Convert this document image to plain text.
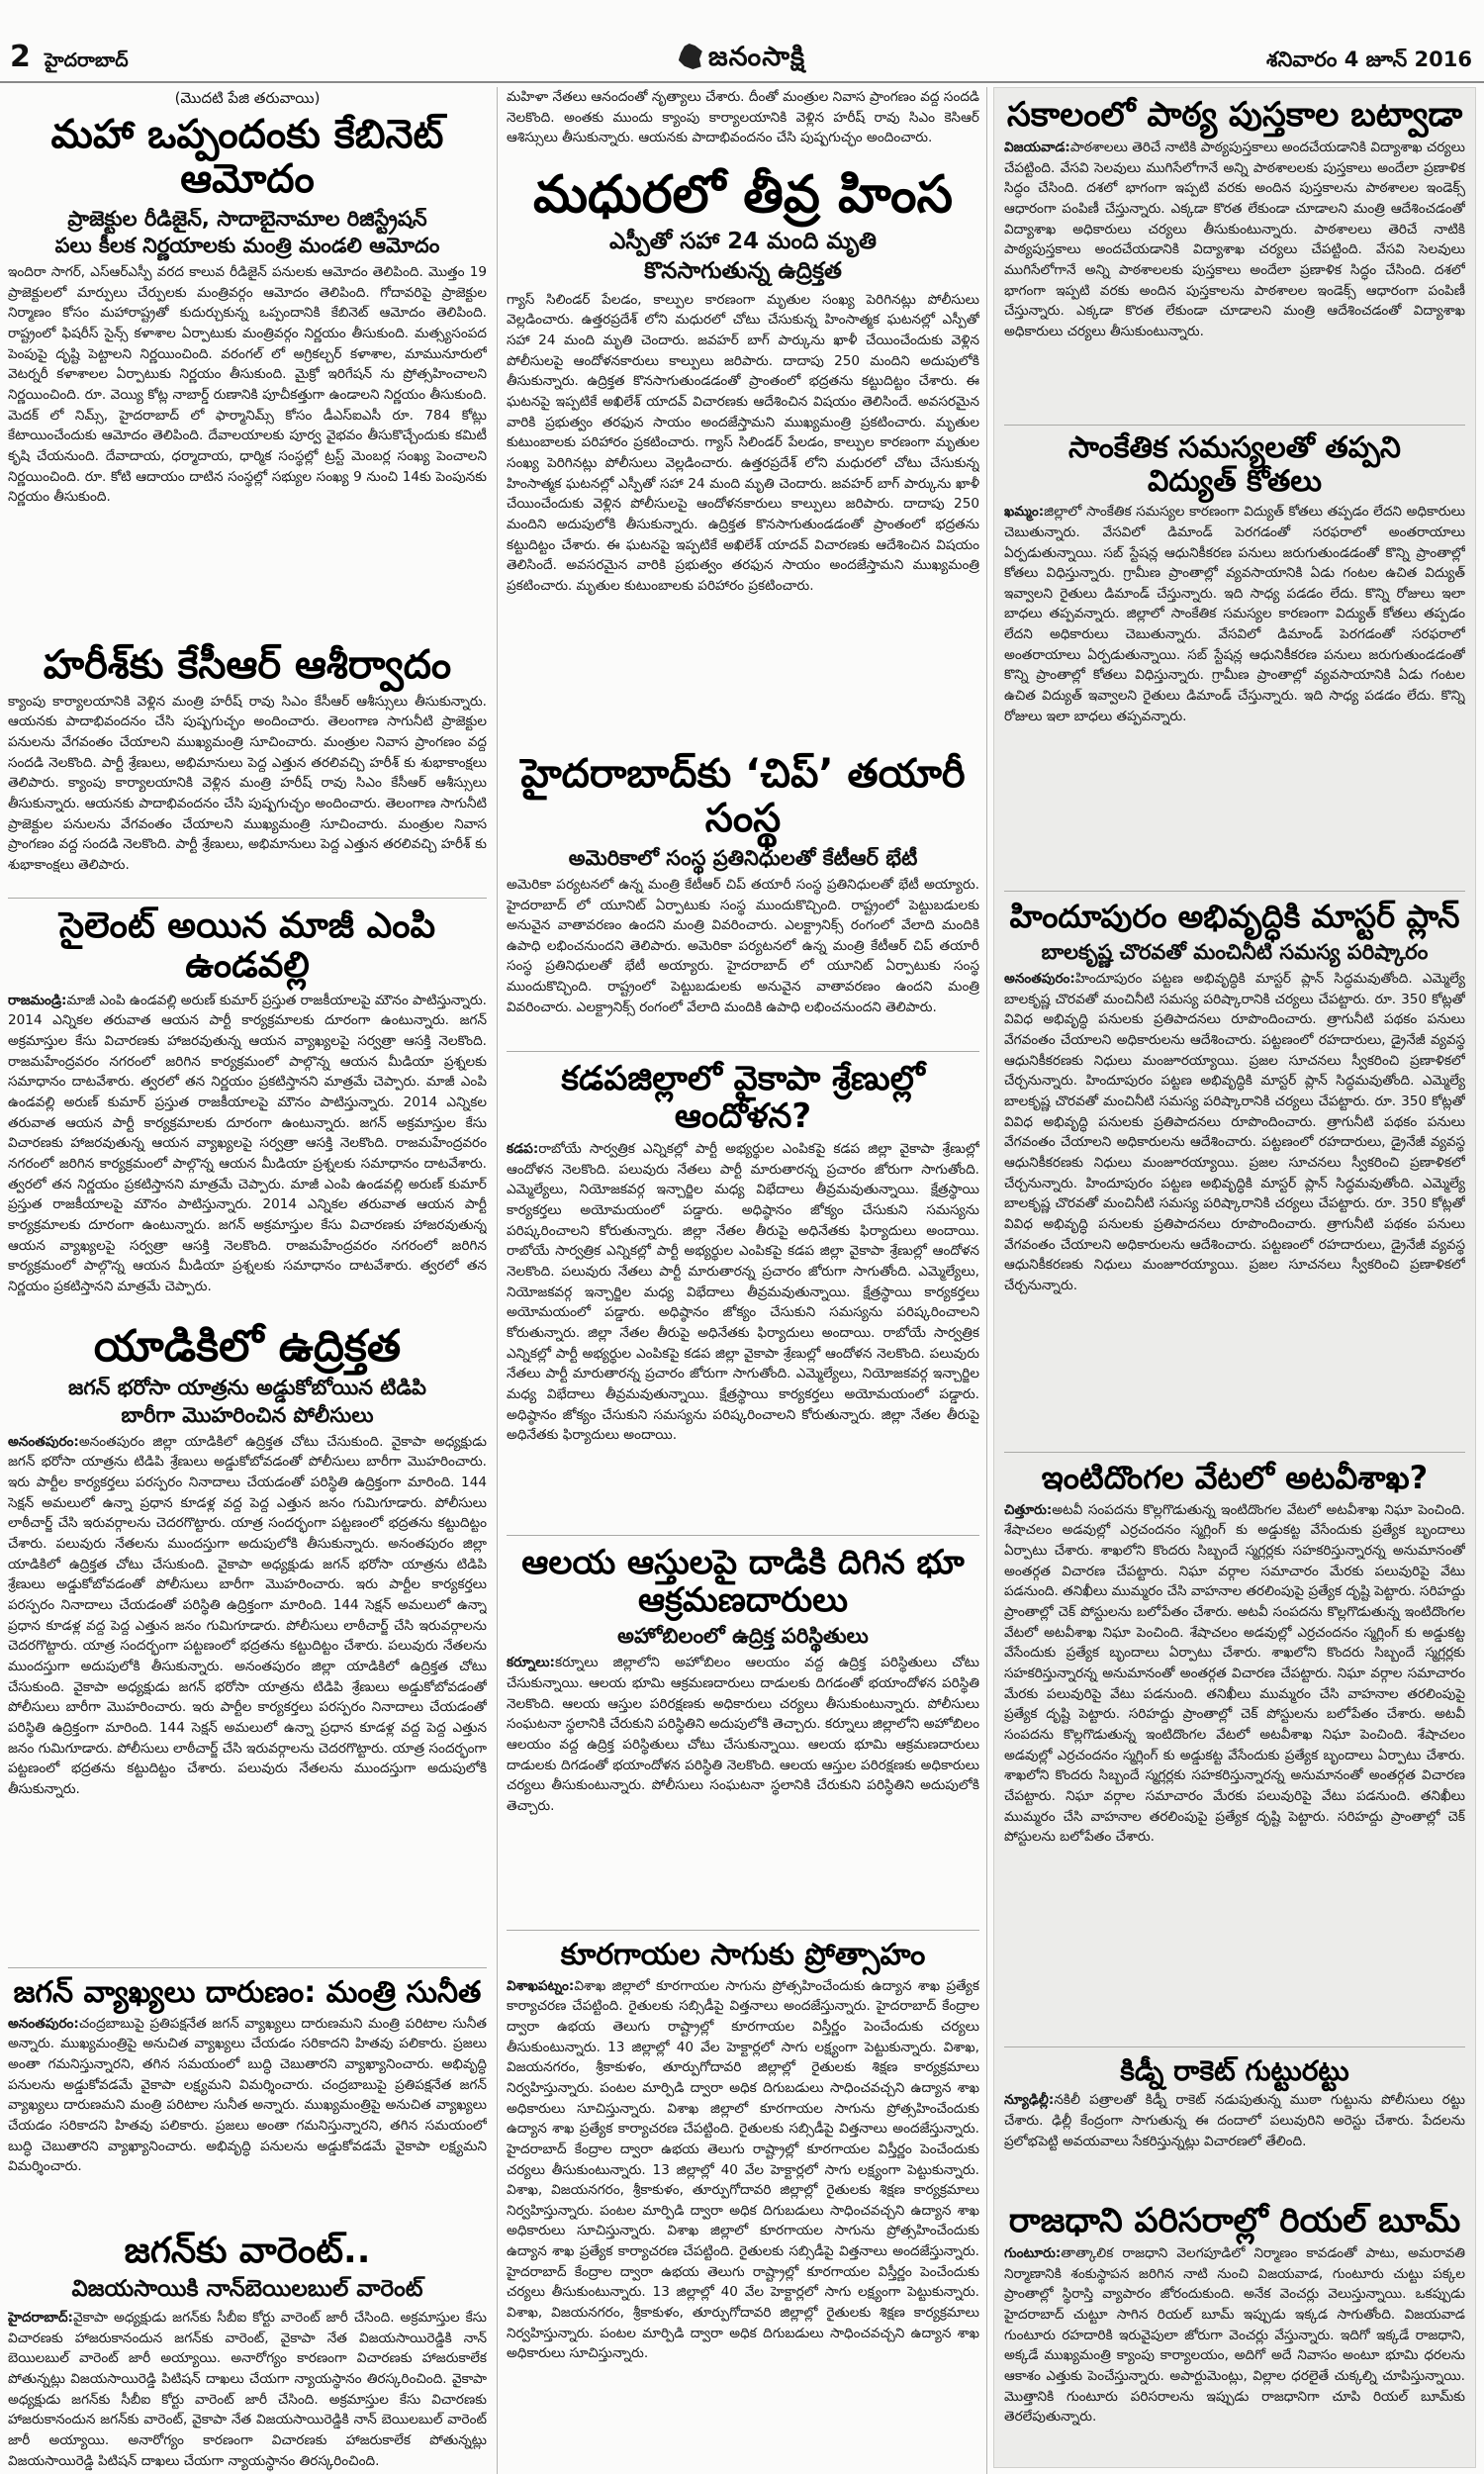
2 హైదరాబాద్	జనంసాక్షి	శనివారం 4 జూన్ 2016
(మొదటి పేజి తరువాయి)
మహా ఒప్పందంకు కేబినెట్ ఆమోదం
ప్రాజెక్టుల రీడిజైన్, సాదాబైనామాల రిజిస్ట్రేషన్
పలు కీలక నిర్ణయాలకు మంత్రి మండలి ఆమోదం

ఇందిరా సాగర్, ఎస్ఆర్ఎస్పీ వరద కాలువ రీడిజైన్ పనులకు ఆమోదం తెలిపింది. మొత్తం 19 ప్రాజెక్టులలో మార్పులు చేర్పులకు మంత్రివర్గం ఆమోదం తెలిపింది. గోదావరిపై ప్రాజెక్టుల నిర్మాణం కోసం మహారాష్ట్రతో కుదుర్చుకున్న ఒప్పందానికి కేబినెట్ ఆమోదం తెలిపింది. రాష్ట్రంలో ఫిషరీస్ సైన్స్ కళాశాల ఏర్పాటుకు మంత్రివర్గం నిర్ణయం తీసుకుంది. మత్స్యసంపద పెంపుపై దృష్టి పెట్టాలని నిర్ణయించింది. వరంగల్ లో అగ్రికల్చర్ కళాశాల, మామునూరులో వెటర్నరీ కళాశాలల ఏర్పాటుకు నిర్ణయం తీసుకుంది. మైక్రో ఇరిగేషన్ ను ప్రోత్సహించాలని నిర్ణయించింది. రూ. వెయ్యి కోట్ల నాబార్డ్ రుణానికి పూచీకత్తుగా ఉండాలని నిర్ణయం తీసుకుంది. మెదక్ లో నిమ్స్, హైదరాబాద్ లో ఫార్మానిమ్స్ కోసం డీఎస్ఐఎసీ రూ. 784 కోట్లు కేటాయించేందుకు ఆమోదం తెలిపింది. దేవాలయాలకు పూర్వ వైభవం తీసుకొచ్చేందుకు కమిటీ కృషి చేయనుంది. దేవాదాయ, ధర్మాదాయ, ధార్మిక సంస్థల్లో ట్రస్ట్ మెంబర్ల సంఖ్య పెంచాలని నిర్ణయించింది. రూ. కోటి ఆదాయం దాటిన సంస్థల్లో సభ్యుల సంఖ్య 9 నుంచి 14కు పెంపునకు నిర్ణయం తీసుకుంది.

హరీశ్‌కు కేసీఆర్ ఆశీర్వాదం

క్యాంపు కార్యాలయానికి వెళ్లిన మంత్రి హరీష్ రావు సిఎం కేసీఆర్ ఆశీస్సులు తీసుకున్నారు. ఆయనకు పాదాభివందనం చేసి పుష్పగుచ్ఛం అందించారు. తెలంగాణ సాగునీటి ప్రాజెక్టుల పనులను వేగవంతం చేయాలని ముఖ్యమంత్రి సూచించారు. మంత్రుల నివాస ప్రాంగణం వద్ద సందడి నెలకొంది. పార్టీ శ్రేణులు, అభిమానులు పెద్ద ఎత్తున తరలివచ్చి హరీశ్ కు శుభాకాంక్షలు తెలిపారు. క్యాంపు కార్యాలయానికి వెళ్లిన మంత్రి హరీష్ రావు సిఎం కేసీఆర్ ఆశీస్సులు తీసుకున్నారు. ఆయనకు పాదాభివందనం చేసి పుష్పగుచ్ఛం అందించారు. తెలంగాణ సాగునీటి ప్రాజెక్టుల పనులను వేగవంతం చేయాలని ముఖ్యమంత్రి సూచించారు. మంత్రుల నివాస ప్రాంగణం వద్ద సందడి నెలకొంది. పార్టీ శ్రేణులు, అభిమానులు పెద్ద ఎత్తున తరలివచ్చి హరీశ్ కు శుభాకాంక్షలు తెలిపారు.

సైలెంట్ అయిన మాజీ ఎంపి ఉండవల్లి

రాజమండ్రి:మాజీ ఎంపి ఉండవల్లి అరుణ్ కుమార్ ప్రస్తుత రాజకీయాలపై మౌనం పాటిస్తున్నారు. 2014 ఎన్నికల తరువాత ఆయన పార్టీ కార్యక్రమాలకు దూరంగా ఉంటున్నారు. జగన్ అక్రమాస్తుల కేసు విచారణకు హాజరవుతున్న ఆయన వ్యాఖ్యలపై సర్వత్రా ఆసక్తి నెలకొంది. రాజమహేంద్రవరం నగరంలో జరిగిన కార్యక్రమంలో పాల్గొన్న ఆయన మీడియా ప్రశ్నలకు సమాధానం దాటవేశారు. త్వరలో తన నిర్ణయం ప్రకటిస్తానని మాత్రమే చెప్పారు. మాజీ ఎంపి ఉండవల్లి అరుణ్ కుమార్ ప్రస్తుత రాజకీయాలపై మౌనం పాటిస్తున్నారు. 2014 ఎన్నికల తరువాత ఆయన పార్టీ కార్యక్రమాలకు దూరంగా ఉంటున్నారు. జగన్ అక్రమాస్తుల కేసు విచారణకు హాజరవుతున్న ఆయన వ్యాఖ్యలపై సర్వత్రా ఆసక్తి నెలకొంది. రాజమహేంద్రవరం నగరంలో జరిగిన కార్యక్రమంలో పాల్గొన్న ఆయన మీడియా ప్రశ్నలకు సమాధానం దాటవేశారు. త్వరలో తన నిర్ణయం ప్రకటిస్తానని మాత్రమే చెప్పారు. మాజీ ఎంపి ఉండవల్లి అరుణ్ కుమార్ ప్రస్తుత రాజకీయాలపై మౌనం పాటిస్తున్నారు. 2014 ఎన్నికల తరువాత ఆయన పార్టీ కార్యక్రమాలకు దూరంగా ఉంటున్నారు. జగన్ అక్రమాస్తుల కేసు విచారణకు హాజరవుతున్న ఆయన వ్యాఖ్యలపై సర్వత్రా ఆసక్తి నెలకొంది. రాజమహేంద్రవరం నగరంలో జరిగిన కార్యక్రమంలో పాల్గొన్న ఆయన మీడియా ప్రశ్నలకు సమాధానం దాటవేశారు. త్వరలో తన నిర్ణయం ప్రకటిస్తానని మాత్రమే చెప్పారు.

యాడికిలో ఉద్రిక్తత
జగన్ భరోసా యాత్రను అడ్డుకోబోయిన టిడిపి
బారీగా మొహరించిన పోలీసులు

అనంతపురం:అనంతపురం జిల్లా యాడికిలో ఉద్రిక్తత చోటు చేసుకుంది. వైకాపా అధ్యక్షుడు జగన్ భరోసా యాత్రను టిడిపి శ్రేణులు అడ్డుకోబోవడంతో పోలీసులు బారీగా మొహరించారు. ఇరు పార్టీల కార్యకర్తలు పరస్పరం నినాదాలు చేయడంతో పరిస్థితి ఉద్రిక్తంగా మారింది. 144 సెక్షన్ అమలులో ఉన్నా ప్రధాన కూడళ్ల వద్ద పెద్ద ఎత్తున జనం గుమిగూడారు. పోలీసులు లాఠీచార్జ్ చేసి ఇరువర్గాలను చెదరగొట్టారు. యాత్ర సందర్భంగా పట్టణంలో భద్రతను కట్టుదిట్టం చేశారు. పలువురు నేతలను ముందస్తుగా అదుపులోకి తీసుకున్నారు. అనంతపురం జిల్లా యాడికిలో ఉద్రిక్తత చోటు చేసుకుంది. వైకాపా అధ్యక్షుడు జగన్ భరోసా యాత్రను టిడిపి శ్రేణులు అడ్డుకోబోవడంతో పోలీసులు బారీగా మొహరించారు. ఇరు పార్టీల కార్యకర్తలు పరస్పరం నినాదాలు చేయడంతో పరిస్థితి ఉద్రిక్తంగా మారింది. 144 సెక్షన్ అమలులో ఉన్నా ప్రధాన కూడళ్ల వద్ద పెద్ద ఎత్తున జనం గుమిగూడారు. పోలీసులు లాఠీచార్జ్ చేసి ఇరువర్గాలను చెదరగొట్టారు. యాత్ర సందర్భంగా పట్టణంలో భద్రతను కట్టుదిట్టం చేశారు. పలువురు నేతలను ముందస్తుగా అదుపులోకి తీసుకున్నారు. అనంతపురం జిల్లా యాడికిలో ఉద్రిక్తత చోటు చేసుకుంది. వైకాపా అధ్యక్షుడు జగన్ భరోసా యాత్రను టిడిపి శ్రేణులు అడ్డుకోబోవడంతో పోలీసులు బారీగా మొహరించారు. ఇరు పార్టీల కార్యకర్తలు పరస్పరం నినాదాలు చేయడంతో పరిస్థితి ఉద్రిక్తంగా మారింది. 144 సెక్షన్ అమలులో ఉన్నా ప్రధాన కూడళ్ల వద్ద పెద్ద ఎత్తున జనం గుమిగూడారు. పోలీసులు లాఠీచార్జ్ చేసి ఇరువర్గాలను చెదరగొట్టారు. యాత్ర సందర్భంగా పట్టణంలో భద్రతను కట్టుదిట్టం చేశారు. పలువురు నేతలను ముందస్తుగా అదుపులోకి తీసుకున్నారు.

జగన్ వ్యాఖ్యలు దారుణం: మంత్రి సునీత

అనంతపురం:చంద్రబాబుపై ప్రతిపక్షనేత జగన్ వ్యాఖ్యలు దారుణమని మంత్రి పరిటాల సునీత అన్నారు. ముఖ్యమంత్రిపై అనుచిత వ్యాఖ్యలు చేయడం సరికాదని హితవు పలికారు. ప్రజలు అంతా గమనిస్తున్నారని, తగిన సమయంలో బుద్ధి చెబుతారని వ్యాఖ్యానించారు. అభివృద్ధి పనులను అడ్డుకోవడమే వైకాపా లక్ష్యమని విమర్శించారు. చంద్రబాబుపై ప్రతిపక్షనేత జగన్ వ్యాఖ్యలు దారుణమని మంత్రి పరిటాల సునీత అన్నారు. ముఖ్యమంత్రిపై అనుచిత వ్యాఖ్యలు చేయడం సరికాదని హితవు పలికారు. ప్రజలు అంతా గమనిస్తున్నారని, తగిన సమయంలో బుద్ధి చెబుతారని వ్యాఖ్యానించారు. అభివృద్ధి పనులను అడ్డుకోవడమే వైకాపా లక్ష్యమని విమర్శించారు.

జగన్‌కు వారెంట్..
విజయసాయికి నాన్‌బెయిలబుల్ వారెంట్

హైదరాబాద్:వైకాపా అధ్యక్షుడు జగన్‌కు సీబీఐ కోర్టు వారెంట్ జారీ చేసింది. అక్రమాస్తుల కేసు విచారణకు హాజరుకానందున జగన్‌కు వారెంట్, వైకాపా నేత విజయసాయిరెడ్డికి నాన్ బెయిలబుల్ వారెంట్ జారీ అయ్యాయి. అనారోగ్యం కారణంగా విచారణకు హాజరుకాలేక పోతున్నట్లు విజయసాయిరెడ్డి పిటిషన్ దాఖలు చేయగా న్యాయస్థానం తిరస్కరించింది. వైకాపా అధ్యక్షుడు జగన్‌కు సీబీఐ కోర్టు వారెంట్ జారీ చేసింది. అక్రమాస్తుల కేసు విచారణకు హాజరుకానందున జగన్‌కు వారెంట్, వైకాపా నేత విజయసాయిరెడ్డికి నాన్ బెయిలబుల్ వారెంట్ జారీ అయ్యాయి. అనారోగ్యం కారణంగా విచారణకు హాజరుకాలేక పోతున్నట్లు విజయసాయిరెడ్డి పిటిషన్ దాఖలు చేయగా న్యాయస్థానం తిరస్కరించింది.

మహిళా నేతలు ఆనందంతో నృత్యాలు చేశారు. దీంతో మంత్రుల నివాస ప్రాంగణం వద్ద సందడి నెలకొంది. అంతకు ముందు క్యాంపు కార్యాలయానికి వెళ్లిన హరీష్ రావు సిఎం కెసిఆర్ ఆశిస్సులు తీసుకున్నారు. ఆయనకు పాదాభివందనం చేసి పుష్పగుచ్ఛం అందించారు.

మధురలో తీవ్ర హింస
ఎస్పీతో సహా 24 మంది మృతి
కొనసాగుతున్న ఉద్రిక్తత

గ్యాస్ సిలిండర్ పేలడం, కాల్పుల కారణంగా మృతుల సంఖ్య పెరిగినట్లు పోలీసులు వెల్లడించారు. ఉత్తరప్రదేశ్ లోని మధురలో చోటు చేసుకున్న హింసాత్మక ఘటనల్లో ఎస్పీతో సహా 24 మంది మృతి చెందారు. జవహర్ బాగ్ పార్కును ఖాళీ చేయించేందుకు వెళ్లిన పోలీసులపై ఆందోళనకారులు కాల్పులు జరిపారు. దాదాపు 250 మందిని అదుపులోకి తీసుకున్నారు. ఉద్రిక్తత కొనసాగుతుండడంతో ప్రాంతంలో భద్రతను కట్టుదిట్టం చేశారు. ఈ ఘటనపై ఇప్పటికే అఖిలేశ్ యాదవ్ విచారణకు ఆదేశించిన విషయం తెలిసిందే. అవసరమైన వారికి ప్రభుత్వం తరఫున సాయం అందజేస్తామని ముఖ్యమంత్రి ప్రకటించారు. మృతుల కుటుంబాలకు పరిహారం ప్రకటించారు. గ్యాస్ సిలిండర్ పేలడం, కాల్పుల కారణంగా మృతుల సంఖ్య పెరిగినట్లు పోలీసులు వెల్లడించారు. ఉత్తరప్రదేశ్ లోని మధురలో చోటు చేసుకున్న హింసాత్మక ఘటనల్లో ఎస్పీతో సహా 24 మంది మృతి చెందారు. జవహర్ బాగ్ పార్కును ఖాళీ చేయించేందుకు వెళ్లిన పోలీసులపై ఆందోళనకారులు కాల్పులు జరిపారు. దాదాపు 250 మందిని అదుపులోకి తీసుకున్నారు. ఉద్రిక్తత కొనసాగుతుండడంతో ప్రాంతంలో భద్రతను కట్టుదిట్టం చేశారు. ఈ ఘటనపై ఇప్పటికే అఖిలేశ్ యాదవ్ విచారణకు ఆదేశించిన విషయం తెలిసిందే. అవసరమైన వారికి ప్రభుత్వం తరఫున సాయం అందజేస్తామని ముఖ్యమంత్రి ప్రకటించారు. మృతుల కుటుంబాలకు పరిహారం ప్రకటించారు.

హైదరాబాద్‌కు ‘చిప్’ తయారీ సంస్థ
అమెరికాలో సంస్థ ప్రతినిధులతో కేటీఆర్ భేటీ

అమెరికా పర్యటనలో ఉన్న మంత్రి కేటీఆర్ చిప్ తయారీ సంస్థ ప్రతినిధులతో భేటీ అయ్యారు. హైదరాబాద్ లో యూనిట్ ఏర్పాటుకు సంస్థ ముందుకొచ్చింది. రాష్ట్రంలో పెట్టుబడులకు అనువైన వాతావరణం ఉందని మంత్రి వివరించారు. ఎలక్ట్రానిక్స్ రంగంలో వేలాది మందికి ఉపాధి లభించనుందని తెలిపారు. అమెరికా పర్యటనలో ఉన్న మంత్రి కేటీఆర్ చిప్ తయారీ సంస్థ ప్రతినిధులతో భేటీ అయ్యారు. హైదరాబాద్ లో యూనిట్ ఏర్పాటుకు సంస్థ ముందుకొచ్చింది. రాష్ట్రంలో పెట్టుబడులకు అనువైన వాతావరణం ఉందని మంత్రి వివరించారు. ఎలక్ట్రానిక్స్ రంగంలో వేలాది మందికి ఉపాధి లభించనుందని తెలిపారు.

కడపజిల్లాలో వైకాపా శ్రేణుల్లో ఆందోళన?

కడప:రాబోయే సార్వత్రిక ఎన్నికల్లో పార్టీ అభ్యర్థుల ఎంపికపై కడప జిల్లా వైకాపా శ్రేణుల్లో ఆందోళన నెలకొంది. పలువురు నేతలు పార్టీ మారుతారన్న ప్రచారం జోరుగా సాగుతోంది. ఎమ్మెల్యేలు, నియోజకవర్గ ఇన్చార్జిల మధ్య విభేదాలు తీవ్రమవుతున్నాయి. క్షేత్రస్థాయి కార్యకర్తలు అయోమయంలో పడ్డారు. అధిష్ఠానం జోక్యం చేసుకుని సమస్యను పరిష్కరించాలని కోరుతున్నారు. జిల్లా నేతల తీరుపై అధినేతకు ఫిర్యాదులు అందాయి. రాబోయే సార్వత్రిక ఎన్నికల్లో పార్టీ అభ్యర్థుల ఎంపికపై కడప జిల్లా వైకాపా శ్రేణుల్లో ఆందోళన నెలకొంది. పలువురు నేతలు పార్టీ మారుతారన్న ప్రచారం జోరుగా సాగుతోంది. ఎమ్మెల్యేలు, నియోజకవర్గ ఇన్చార్జిల మధ్య విభేదాలు తీవ్రమవుతున్నాయి. క్షేత్రస్థాయి కార్యకర్తలు అయోమయంలో పడ్డారు. అధిష్ఠానం జోక్యం చేసుకుని సమస్యను పరిష్కరించాలని కోరుతున్నారు. జిల్లా నేతల తీరుపై అధినేతకు ఫిర్యాదులు అందాయి. రాబోయే సార్వత్రిక ఎన్నికల్లో పార్టీ అభ్యర్థుల ఎంపికపై కడప జిల్లా వైకాపా శ్రేణుల్లో ఆందోళన నెలకొంది. పలువురు నేతలు పార్టీ మారుతారన్న ప్రచారం జోరుగా సాగుతోంది. ఎమ్మెల్యేలు, నియోజకవర్గ ఇన్చార్జిల మధ్య విభేదాలు తీవ్రమవుతున్నాయి. క్షేత్రస్థాయి కార్యకర్తలు అయోమయంలో పడ్డారు. అధిష్ఠానం జోక్యం చేసుకుని సమస్యను పరిష్కరించాలని కోరుతున్నారు. జిల్లా నేతల తీరుపై అధినేతకు ఫిర్యాదులు అందాయి.

ఆలయ ఆస్తులపై దాడికి దిగిన భూ ఆక్రమణదారులు
అహోబిలంలో ఉద్రిక్త పరిస్థితులు

కర్నూలు:కర్నూలు జిల్లాలోని అహోబిలం ఆలయం వద్ద ఉద్రిక్త పరిస్థితులు చోటు చేసుకున్నాయి. ఆలయ భూమి ఆక్రమణదారులు దాడులకు దిగడంతో భయాందోళన పరిస్థితి నెలకొంది. ఆలయ ఆస్తుల పరిరక్షణకు అధికారులు చర్యలు తీసుకుంటున్నారు. పోలీసులు సంఘటనా స్థలానికి చేరుకుని పరిస్థితిని అదుపులోకి తెచ్చారు. కర్నూలు జిల్లాలోని అహోబిలం ఆలయం వద్ద ఉద్రిక్త పరిస్థితులు చోటు చేసుకున్నాయి. ఆలయ భూమి ఆక్రమణదారులు దాడులకు దిగడంతో భయాందోళన పరిస్థితి నెలకొంది. ఆలయ ఆస్తుల పరిరక్షణకు అధికారులు చర్యలు తీసుకుంటున్నారు. పోలీసులు సంఘటనా స్థలానికి చేరుకుని పరిస్థితిని అదుపులోకి తెచ్చారు.

కూరగాయల సాగుకు ప్రోత్సాహం

విశాఖపట్నం:విశాఖ జిల్లాలో కూరగాయల సాగును ప్రోత్సహించేందుకు ఉద్యాన శాఖ ప్రత్యేక కార్యాచరణ చేపట్టింది. రైతులకు సబ్సిడీపై విత్తనాలు అందజేస్తున్నారు. హైదరాబాద్ కేంద్రాల ద్వారా ఉభయ తెలుగు రాష్ట్రాల్లో కూరగాయల విస్తీర్ణం పెంచేందుకు చర్యలు తీసుకుంటున్నారు. 13 జిల్లాల్లో 40 వేల హెక్టార్లలో సాగు లక్ష్యంగా పెట్టుకున్నారు. విశాఖ, విజయనగరం, శ్రీకాకుళం, తూర్పుగోదావరి జిల్లాల్లో రైతులకు శిక్షణ కార్యక్రమాలు నిర్వహిస్తున్నారు. పంటల మార్పిడి ద్వారా అధిక దిగుబడులు సాధించవచ్చని ఉద్యాన శాఖ అధికారులు సూచిస్తున్నారు. విశాఖ జిల్లాలో కూరగాయల సాగును ప్రోత్సహించేందుకు ఉద్యాన శాఖ ప్రత్యేక కార్యాచరణ చేపట్టింది. రైతులకు సబ్సిడీపై విత్తనాలు అందజేస్తున్నారు. హైదరాబాద్ కేంద్రాల ద్వారా ఉభయ తెలుగు రాష్ట్రాల్లో కూరగాయల విస్తీర్ణం పెంచేందుకు చర్యలు తీసుకుంటున్నారు. 13 జిల్లాల్లో 40 వేల హెక్టార్లలో సాగు లక్ష్యంగా పెట్టుకున్నారు. విశాఖ, విజయనగరం, శ్రీకాకుళం, తూర్పుగోదావరి జిల్లాల్లో రైతులకు శిక్షణ కార్యక్రమాలు నిర్వహిస్తున్నారు. పంటల మార్పిడి ద్వారా అధిక దిగుబడులు సాధించవచ్చని ఉద్యాన శాఖ అధికారులు సూచిస్తున్నారు. విశాఖ జిల్లాలో కూరగాయల సాగును ప్రోత్సహించేందుకు ఉద్యాన శాఖ ప్రత్యేక కార్యాచరణ చేపట్టింది. రైతులకు సబ్సిడీపై విత్తనాలు అందజేస్తున్నారు. హైదరాబాద్ కేంద్రాల ద్వారా ఉభయ తెలుగు రాష్ట్రాల్లో కూరగాయల విస్తీర్ణం పెంచేందుకు చర్యలు తీసుకుంటున్నారు. 13 జిల్లాల్లో 40 వేల హెక్టార్లలో సాగు లక్ష్యంగా పెట్టుకున్నారు. విశాఖ, విజయనగరం, శ్రీకాకుళం, తూర్పుగోదావరి జిల్లాల్లో రైతులకు శిక్షణ కార్యక్రమాలు నిర్వహిస్తున్నారు. పంటల మార్పిడి ద్వారా అధిక దిగుబడులు సాధించవచ్చని ఉద్యాన శాఖ అధికారులు సూచిస్తున్నారు.

సకాలంలో పాఠ్య పుస్తకాల బట్వాడా

విజయవాడ:పాఠశాలలు తెరిచే నాటికి పాఠ్యపుస్తకాలు అందచేయడానికి విద్యాశాఖ చర్యలు చేపట్టింది. వేసవి సెలవులు ముగిసేలోగానే అన్ని పాఠశాలలకు పుస్తకాలు అందేలా ప్రణాళిక సిద్ధం చేసింది. దశలో భాగంగా ఇప్పటి వరకు అందిన పుస్తకాలను పాఠశాలల ఇండెక్స్ ఆధారంగా పంపిణీ చేస్తున్నారు. ఎక్కడా కొరత లేకుండా చూడాలని మంత్రి ఆదేశించడంతో విద్యాశాఖ అధికారులు చర్యలు తీసుకుంటున్నారు. పాఠశాలలు తెరిచే నాటికి పాఠ్యపుస్తకాలు అందచేయడానికి విద్యాశాఖ చర్యలు చేపట్టింది. వేసవి సెలవులు ముగిసేలోగానే అన్ని పాఠశాలలకు పుస్తకాలు అందేలా ప్రణాళిక సిద్ధం చేసింది. దశలో భాగంగా ఇప్పటి వరకు అందిన పుస్తకాలను పాఠశాలల ఇండెక్స్ ఆధారంగా పంపిణీ చేస్తున్నారు. ఎక్కడా కొరత లేకుండా చూడాలని మంత్రి ఆదేశించడంతో విద్యాశాఖ అధికారులు చర్యలు తీసుకుంటున్నారు.

సాంకేతిక సమస్యలతో తప్పని విద్యుత్ కోతలు

ఖమ్మం:జిల్లాలో సాంకేతిక సమస్యల కారణంగా విద్యుత్ కోతలు తప్పడం లేదని అధికారులు చెబుతున్నారు. వేసవిలో డిమాండ్ పెరగడంతో సరఫరాలో అంతరాయాలు ఏర్పడుతున్నాయి. సబ్ స్టేషన్ల ఆధునికీకరణ పనులు జరుగుతుండడంతో కొన్ని ప్రాంతాల్లో కోతలు విధిస్తున్నారు. గ్రామీణ ప్రాంతాల్లో వ్యవసాయానికి ఏడు గంటల ఉచిత విద్యుత్ ఇవ్వాలని రైతులు డిమాండ్ చేస్తున్నారు. ఇది సాధ్య పడడం లేదు. కొన్ని రోజులు ఇలా బాధలు తప్పవన్నారు. జిల్లాలో సాంకేతిక సమస్యల కారణంగా విద్యుత్ కోతలు తప్పడం లేదని అధికారులు చెబుతున్నారు. వేసవిలో డిమాండ్ పెరగడంతో సరఫరాలో అంతరాయాలు ఏర్పడుతున్నాయి. సబ్ స్టేషన్ల ఆధునికీకరణ పనులు జరుగుతుండడంతో కొన్ని ప్రాంతాల్లో కోతలు విధిస్తున్నారు. గ్రామీణ ప్రాంతాల్లో వ్యవసాయానికి ఏడు గంటల ఉచిత విద్యుత్ ఇవ్వాలని రైతులు డిమాండ్ చేస్తున్నారు. ఇది సాధ్య పడడం లేదు. కొన్ని రోజులు ఇలా బాధలు తప్పవన్నారు.

హిందూపురం అభివృద్ధికి మాస్టర్ ప్లాన్
బాలకృష్ణ చొరవతో మంచినీటి సమస్య పరిష్కారం

అనంతపురం:హిందూపురం పట్టణ అభివృద్ధికి మాస్టర్ ప్లాన్ సిద్ధమవుతోంది. ఎమ్మెల్యే బాలకృష్ణ చొరవతో మంచినీటి సమస్య పరిష్కారానికి చర్యలు చేపట్టారు. రూ. 350 కోట్లతో వివిధ అభివృద్ధి పనులకు ప్రతిపాదనలు రూపొందించారు. త్రాగునీటి పథకం పనులు వేగవంతం చేయాలని అధికారులను ఆదేశించారు. పట్టణంలో రహదారులు, డ్రైనేజీ వ్యవస్థ ఆధునికీకరణకు నిధులు మంజూరయ్యాయి. ప్రజల సూచనలు స్వీకరించి ప్రణాళికలో చేర్చనున్నారు. హిందూపురం పట్టణ అభివృద్ధికి మాస్టర్ ప్లాన్ సిద్ధమవుతోంది. ఎమ్మెల్యే బాలకృష్ణ చొరవతో మంచినీటి సమస్య పరిష్కారానికి చర్యలు చేపట్టారు. రూ. 350 కోట్లతో వివిధ అభివృద్ధి పనులకు ప్రతిపాదనలు రూపొందించారు. త్రాగునీటి పథకం పనులు వేగవంతం చేయాలని అధికారులను ఆదేశించారు. పట్టణంలో రహదారులు, డ్రైనేజీ వ్యవస్థ ఆధునికీకరణకు నిధులు మంజూరయ్యాయి. ప్రజల సూచనలు స్వీకరించి ప్రణాళికలో చేర్చనున్నారు. హిందూపురం పట్టణ అభివృద్ధికి మాస్టర్ ప్లాన్ సిద్ధమవుతోంది. ఎమ్మెల్యే బాలకృష్ణ చొరవతో మంచినీటి సమస్య పరిష్కారానికి చర్యలు చేపట్టారు. రూ. 350 కోట్లతో వివిధ అభివృద్ధి పనులకు ప్రతిపాదనలు రూపొందించారు. త్రాగునీటి పథకం పనులు వేగవంతం చేయాలని అధికారులను ఆదేశించారు. పట్టణంలో రహదారులు, డ్రైనేజీ వ్యవస్థ ఆధునికీకరణకు నిధులు మంజూరయ్యాయి. ప్రజల సూచనలు స్వీకరించి ప్రణాళికలో చేర్చనున్నారు.

ఇంటిదొంగల వేటలో అటవీశాఖ?

చిత్తూరు:అటవీ సంపదను కొల్లగొడుతున్న ఇంటిదొంగల వేటలో అటవీశాఖ నిఘా పెంచింది. శేషాచలం అడవుల్లో ఎర్రచందనం స్మగ్లింగ్ కు అడ్డుకట్ట వేసేందుకు ప్రత్యేక బృందాలు ఏర్పాటు చేశారు. శాఖలోని కొందరు సిబ్బందే స్మగ్లర్లకు సహకరిస్తున్నారన్న అనుమానంతో అంతర్గత విచారణ చేపట్టారు. నిఘా వర్గాల సమాచారం మేరకు పలువురిపై వేటు పడనుంది. తనిఖీలు ముమ్మరం చేసి వాహనాల తరలింపుపై ప్రత్యేక దృష్టి పెట్టారు. సరిహద్దు ప్రాంతాల్లో చెక్ పోస్టులను బలోపేతం చేశారు. అటవీ సంపదను కొల్లగొడుతున్న ఇంటిదొంగల వేటలో అటవీశాఖ నిఘా పెంచింది. శేషాచలం అడవుల్లో ఎర్రచందనం స్మగ్లింగ్ కు అడ్డుకట్ట వేసేందుకు ప్రత్యేక బృందాలు ఏర్పాటు చేశారు. శాఖలోని కొందరు సిబ్బందే స్మగ్లర్లకు సహకరిస్తున్నారన్న అనుమానంతో అంతర్గత విచారణ చేపట్టారు. నిఘా వర్గాల సమాచారం మేరకు పలువురిపై వేటు పడనుంది. తనిఖీలు ముమ్మరం చేసి వాహనాల తరలింపుపై ప్రత్యేక దృష్టి పెట్టారు. సరిహద్దు ప్రాంతాల్లో చెక్ పోస్టులను బలోపేతం చేశారు. అటవీ సంపదను కొల్లగొడుతున్న ఇంటిదొంగల వేటలో అటవీశాఖ నిఘా పెంచింది. శేషాచలం అడవుల్లో ఎర్రచందనం స్మగ్లింగ్ కు అడ్డుకట్ట వేసేందుకు ప్రత్యేక బృందాలు ఏర్పాటు చేశారు. శాఖలోని కొందరు సిబ్బందే స్మగ్లర్లకు సహకరిస్తున్నారన్న అనుమానంతో అంతర్గత విచారణ చేపట్టారు. నిఘా వర్గాల సమాచారం మేరకు పలువురిపై వేటు పడనుంది. తనిఖీలు ముమ్మరం చేసి వాహనాల తరలింపుపై ప్రత్యేక దృష్టి పెట్టారు. సరిహద్దు ప్రాంతాల్లో చెక్ పోస్టులను బలోపేతం చేశారు.

కిడ్నీ రాకెట్ గుట్టురట్టు

న్యూఢిల్లీ:నకిలీ పత్రాలతో కిడ్నీ రాకెట్ నడుపుతున్న ముఠా గుట్టును పోలీసులు రట్టు చేశారు. ఢిల్లీ కేంద్రంగా సాగుతున్న ఈ దందాలో పలువురిని అరెస్టు చేశారు. పేదలను ప్రలోభపెట్టి అవయవాలు సేకరిస్తున్నట్లు విచారణలో తేలింది.

రాజధాని పరిసరాల్లో రియల్ బూమ్

గుంటూరు:తాత్కాలిక రాజధాని వెలగపూడిలో నిర్మాణం కావడంతో పాటు, అమరావతి నిర్మాణానికి శంకుస్థాపన జరిగిన నాటి నుంచి విజయవాడ, గుంటూరు చుట్టు పక్కల ప్రాంతాల్లో స్థిరాస్తి వ్యాపారం జోరందుకుంది. అనేక వెంచర్లు వెలుస్తున్నాయి. ఒకప్పుడు హైదరాబాద్ చుట్టూ సాగిన రియల్ బూమ్ ఇప్పుడు ఇక్కడ సాగుతోంది. విజయవాడ గుంటూరు రహదారికి ఇరువైపులా జోరుగా వెంచర్లు వేస్తున్నారు. ఇదిగో ఇక్కడే రాజధాని, అక్కడే ముఖ్యమంత్రి క్యాంపు కార్యాలయం, అదిగో అదే నివాసం అంటూ భూమి ధరలను ఆకాశం ఎత్తుకు పెంచేస్తున్నారు. అపార్టుమెంట్లు, విల్లాల ధరలైతే చుక్కల్ని చూపిస్తున్నాయి. మొత్తానికి గుంటూరు పరిసరాలను ఇప్పుడు రాజధానిగా చూపి రియల్ బూమ్‌కు తెరలేపుతున్నారు.
